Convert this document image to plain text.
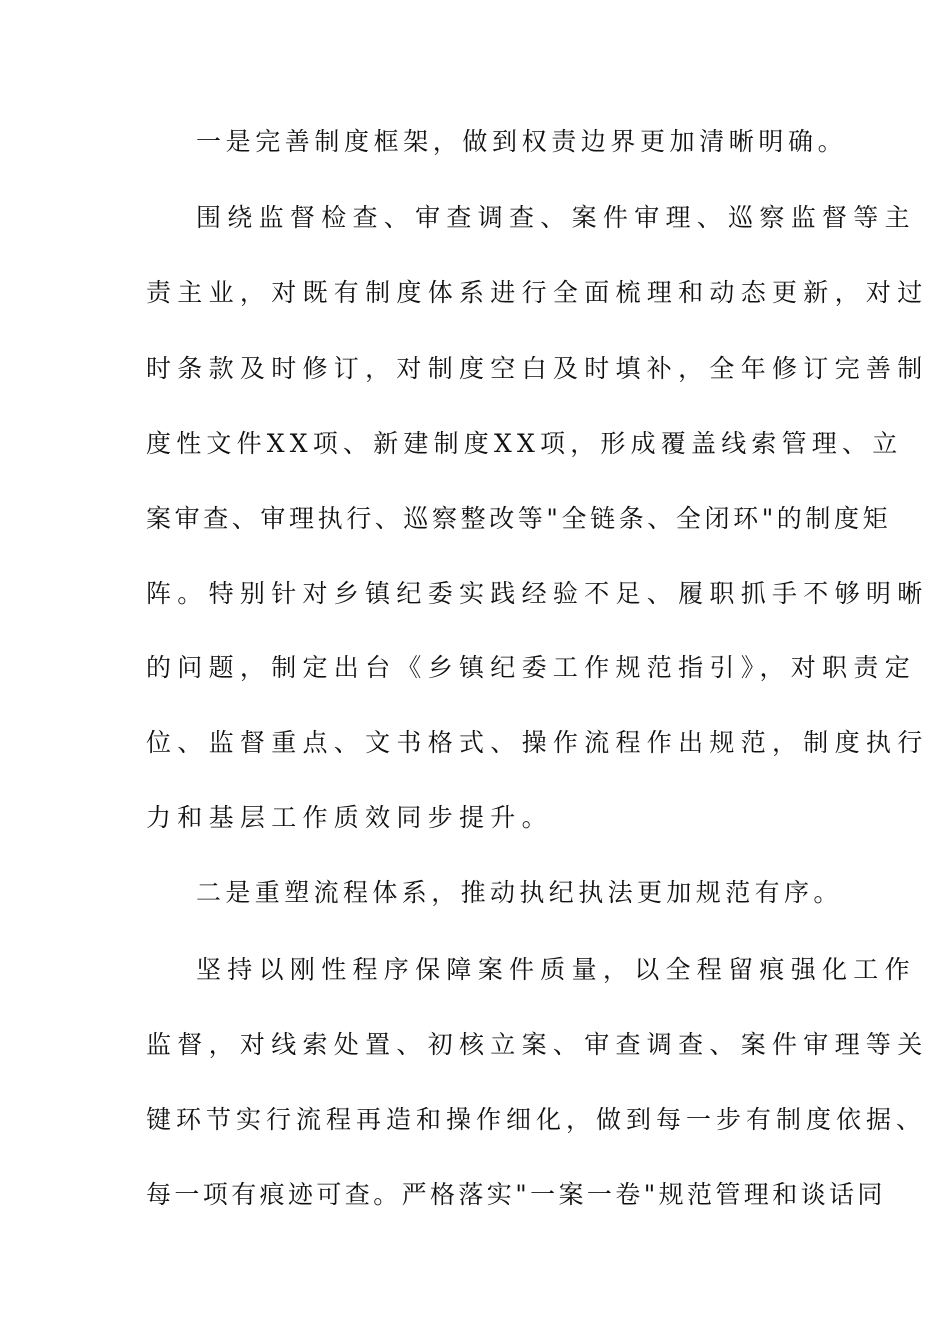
一是完善制度框架，做到权责边界更加清晰明确。
围绕监督检查、审查调查、案件审理、巡察监督等主
责主业，对既有制度体系进行全面梳理和动态更新，对过
时条款及时修订，对制度空白及时填补，全年修订完善制
度性文件XX项、新建制度XX项，形成覆盖线索管理、立
案审查、审理执行、巡察整改等"全链条、全闭环"的制度矩
阵。特别针对乡镇纪委实践经验不足、履职抓手不够明晰
的问题，制定出台《乡镇纪委工作规范指引》，对职责定
位、监督重点、文书格式、操作流程作出规范，制度执行
力和基层工作质效同步提升。
二是重塑流程体系，推动执纪执法更加规范有序。
坚持以刚性程序保障案件质量，以全程留痕强化工作
监督，对线索处置、初核立案、审查调查、案件审理等关
键环节实行流程再造和操作细化，做到每一步有制度依据、
每一项有痕迹可查。严格落实"一案一卷"规范管理和谈话同
